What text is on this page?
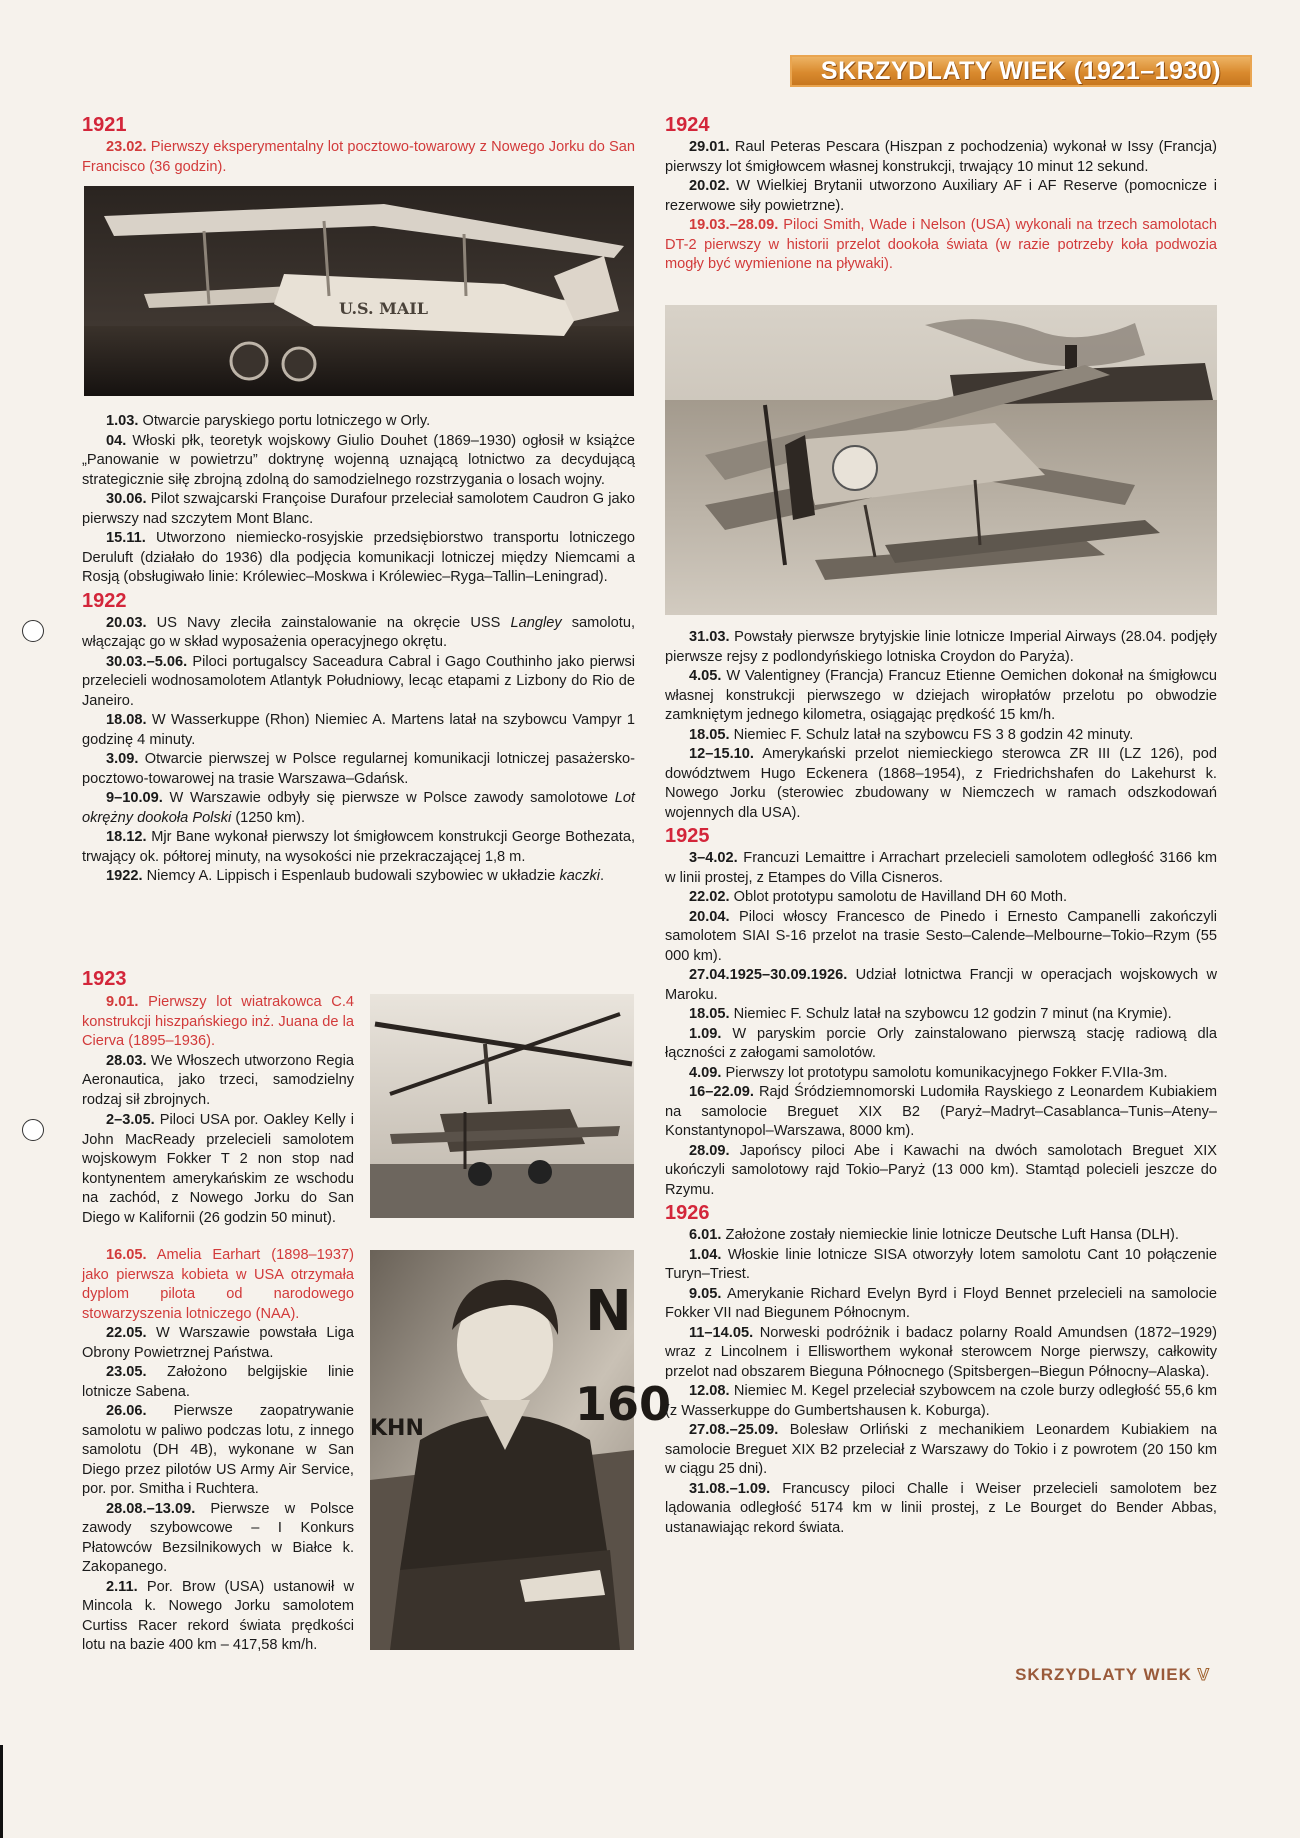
SKRZYDLATY WIEK (1921–1930)

1921

23.02. Pierwszy eksperymentalny lot pocztowo-towarowy z Nowego Jorku do San Francisco (36 godzin).

U.S. MAIL

1.03. Otwarcie paryskiego portu lotniczego w Orly.

04. Włoski płk, teoretyk wojskowy Giulio Douhet (1869–1930) ogłosił w książce „Panowanie w powietrzu” doktrynę wojenną uznającą lotnictwo za decydującą strategicznie siłę zbrojną zdolną do samodzielnego rozstrzygania o losach wojny.

30.06. Pilot szwajcarski Françoise Durafour przeleciał samolotem Caudron G jako pierwszy nad szczytem Mont Blanc.

15.11. Utworzono niemiecko-rosyjskie przedsiębiorstwo transportu lotniczego Deruluft (działało do 1936) dla podjęcia komunikacji lotniczej między Niemcami a Rosją (obsługiwało linie: Królewiec–Moskwa i Królewiec–Ryga–Tallin–Leningrad).

1922

20.03. US Navy zleciła zainstalowanie na okręcie USS Langley samolotu, włączając go w skład wyposażenia operacyjnego okrętu.

30.03.–5.06. Piloci portugalscy Saceadura Cabral i Gago Couthinho jako pierwsi przelecieli wodnosamolotem Atlantyk Południowy, lecąc etapami z Lizbony do Rio de Janeiro.

18.08. W Wasserkuppe (Rhon) Niemiec A. Martens latał na szybowcu Vampyr 1 godzinę 4 minuty.

3.09. Otwarcie pierwszej w Polsce regularnej komunikacji lotniczej pasażersko-pocztowo-towarowej na trasie Warszawa–Gdańsk.

9–10.09. W Warszawie odbyły się pierwsze w Polsce zawody samolotowe Lot okrężny dookoła Polski (1250 km).

18.12. Mjr Bane wykonał pierwszy lot śmigłowcem konstrukcji George Bothezata, trwający ok. półtorej minuty, na wysokości nie przekraczającej 1,8 m.

1922. Niemcy A. Lippisch i Espenlaub budowali szybowiec w układzie kaczki.

1923

9.01. Pierwszy lot wiatrakowca C.4 konstrukcji hiszpańskiego inż. Juana de la Cierva (1895–1936).

28.03. We Włoszech utworzono Regia Aeronautica, jako trzeci, samodzielny rodzaj sił zbrojnych.

2–3.05. Piloci USA por. Oakley Kelly i John MacReady przelecieli samolotem wojskowym Fokker T 2 non stop nad kontynentem amerykańskim ze wschodu na zachód, z Nowego Jorku do San Diego w Kalifornii (26 godzin 50 minut).

16.05. Amelia Earhart (1898–1937) jako pierwsza kobieta w USA otrzymała dyplom pilota od narodowego stowarzyszenia lotniczego (NAA).

22.05. W Warszawie powstała Liga Obrony Powietrznej Państwa.

23.05. Założono belgijskie linie lotnicze Sabena.

26.06. Pierwsze zaopatrywanie samolotu w paliwo podczas lotu, z innego samolotu (DH 4B), wykonane w San Diego przez pilotów US Army Air Service, por. por. Smitha i Ruchtera.

28.08.–13.09. Pierwsze w Polsce zawody szybowcowe – I Konkurs Płatowców Bezsilnikowych w Białce k. Zakopanego.

2.11. Por. Brow (USA) ustanowił w Mincola k. Nowego Jorku samolotem Curtiss Racer rekord świata prędkości lotu na bazie 400 km – 417,58 km/h.

N
160
KHN

1924

29.01. Raul Peteras Pescara (Hiszpan z pochodzenia) wykonał w Issy (Francja) pierwszy lot śmigłowcem własnej konstrukcji, trwający 10 minut 12 sekund.

20.02. W Wielkiej Brytanii utworzono Auxiliary AF i AF Reserve (pomocnicze i rezerwowe siły powietrzne).

19.03.–28.09. Piloci Smith, Wade i Nelson (USA) wykonali na trzech samolotach DT-2 pierwszy w historii przelot dookoła świata (w razie potrzeby koła podwozia mogły być wymienione na pływaki).

31.03. Powstały pierwsze brytyjskie linie lotnicze Imperial Airways (28.04. podjęły pierwsze rejsy z podlondyńskiego lotniska Croydon do Paryża).

4.05. W Valentigney (Francja) Francuz Etienne Oemichen dokonał na śmigłowcu własnej konstrukcji pierwszego w dziejach wiropłatów przelotu po obwodzie zamkniętym jednego kilometra, osiągając prędkość 15 km/h.

18.05. Niemiec F. Schulz latał na szybowcu FS 3 8 godzin 42 minuty.

12–15.10. Amerykański przelot niemieckiego sterowca ZR III (LZ 126), pod dowództwem Hugo Eckenera (1868–1954), z Friedrichshafen do Lakehurst k. Nowego Jorku (sterowiec zbudowany w Niemczech w ramach odszkodowań wojennych dla USA).

1925

3–4.02. Francuzi Lemaittre i Arrachart przelecieli samolotem odległość 3166 km w linii prostej, z Etampes do Villa Cisneros.

22.02. Oblot prototypu samolotu de Havilland DH 60 Moth.

20.04. Piloci włoscy Francesco de Pinedo i Ernesto Campanelli zakończyli samolotem SIAI S-16 przelot na trasie Sesto–Calende–Melbourne–Tokio–Rzym (55 000 km).

27.04.1925–30.09.1926. Udział lotnictwa Francji w operacjach wojskowych w Maroku.

18.05. Niemiec F. Schulz latał na szybowcu 12 godzin 7 minut (na Krymie).

1.09. W paryskim porcie Orly zainstalowano pierwszą stację radiową dla łączności z załogami samolotów.

4.09. Pierwszy lot prototypu samolotu komunikacyjnego Fokker F.VIIa-3m.

16–22.09. Rajd Śródziemnomorski Ludomiła Rayskiego z Leonardem Kubiakiem na samolocie Breguet XIX B2 (Paryż–Madryt–Casablanca–Tunis–Ateny–Konstantynopol–Warszawa, 8000 km).

28.09. Japońscy piloci Abe i Kawachi na dwóch samolotach Breguet XIX ukończyli samolotowy rajd Tokio–Paryż (13 000 km). Stamtąd polecieli jeszcze do Rzymu.

1926

6.01. Założone zostały niemieckie linie lotnicze Deutsche Luft Hansa (DLH).

1.04. Włoskie linie lotnicze SISA otworzyły lotem samolotu Cant 10 połączenie Turyn–Triest.

9.05. Amerykanie Richard Evelyn Byrd i Floyd Bennet przelecieli na samolocie Fokker VII nad Biegunem Północnym.

11–14.05. Norweski podróżnik i badacz polarny Roald Amundsen (1872–1929) wraz z Lincolnem i Ellisworthem wykonał sterowcem Norge pierwszy, całkowity przelot nad obszarem Bieguna Północnego (Spitsbergen–Biegun Północny–Alaska).

12.08. Niemiec M. Kegel przeleciał szybowcem na czole burzy odległość 55,6 km (z Wasserkuppe do Gumbertshausen k. Koburga).

27.08.–25.09. Bolesław Orliński z mechanikiem Leonardem Kubiakiem na samolocie Breguet XIX B2 przeleciał z Warszawy do Tokio i z powrotem (20 150 km w ciągu 25 dni).

31.08.–1.09. Francuscy piloci Challe i Weiser przelecieli samolotem bez lądowania odległość 5174 km w linii prostej, z Le Bourget do Bender Abbas, ustanawiając rekord świata.

SKRZYDLATY WIEK V
